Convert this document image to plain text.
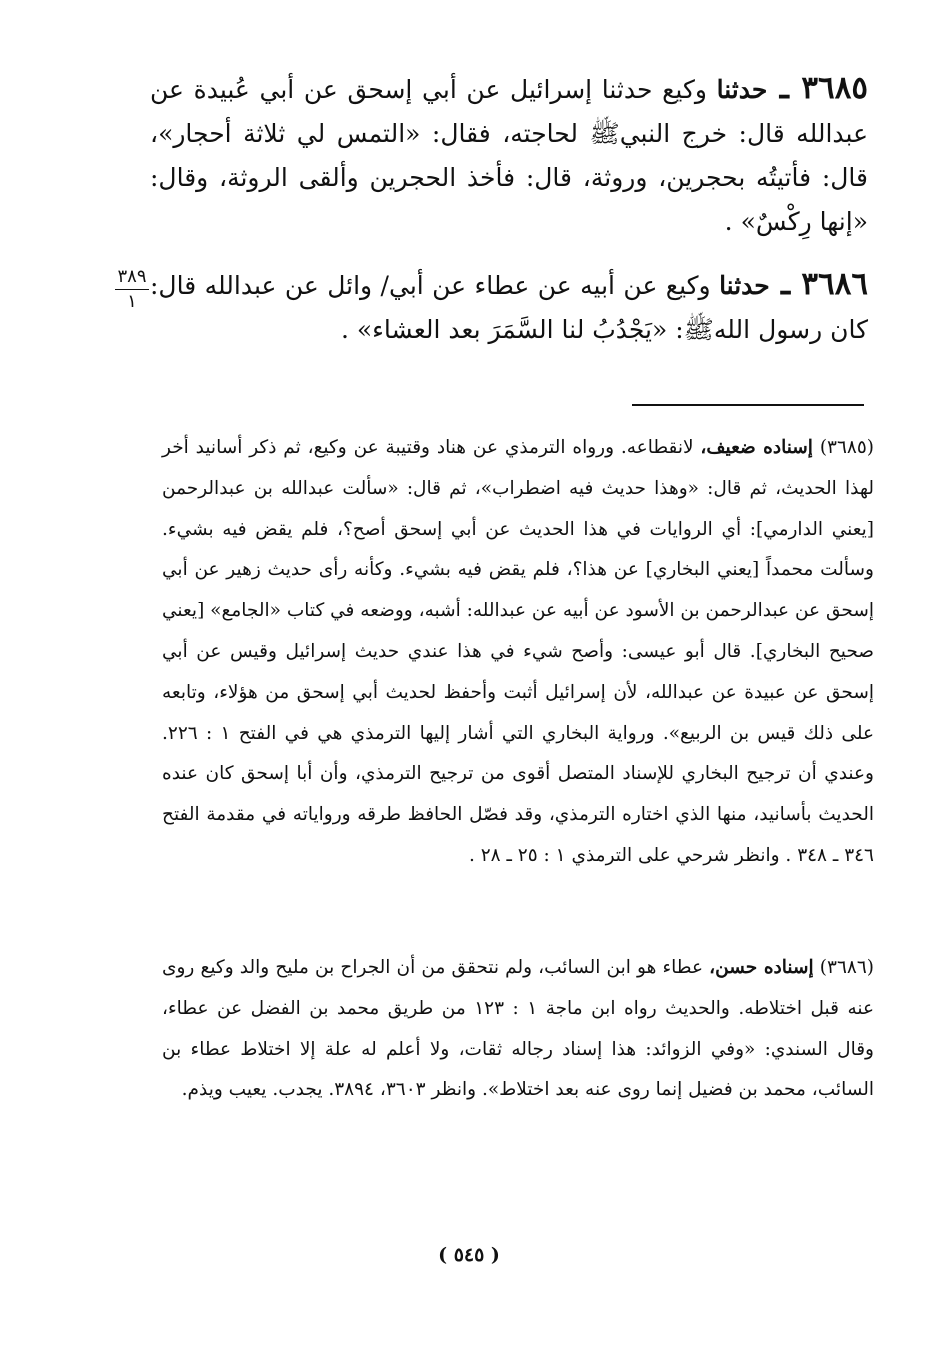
٣٦٨٥ ـ حدثنا وكيع حدثنا إسرائيل عن أبي إسحق عن أبي عُبيدة عن عبدالله قال: خرج النبيﷺ لحاجته، فقال: «التمس لي ثلاثة أحجار»، قال: فأتيتُه بحجرين، وروثة، قال: فأخذ الحجرين وألقى الروثة، وقال: «إنها رِكْسٌ» .

٣٨٩
١	٣٦٨٦ ـ حدثنا وكيع عن أبيه عن عطاء عن أبي/ وائل عن عبدالله قال: كان رسول اللهﷺ: «يَجْدُبُ لنا السَّمَرَ بعد العشاء» .

(٣٦٨٥) إسناده ضعيف، لانقطاعه. ورواه الترمذي عن هناد وقتيبة عن وكيع، ثم ذكر أسانيد أخر لهذا الحديث، ثم قال: «وهذا حديث فيه اضطراب»، ثم قال: «سألت عبدالله بن عبدالرحمن [يعني الدارمي]: أي الروايات في هذا الحديث عن أبي إسحق أصح؟، فلم يقض فيه بشيء. وسألت محمداً [يعني البخاري] عن هذا؟، فلم يقض فيه بشيء. وكأنه رأى حديث زهير عن أبي إسحق عن عبدالرحمن بن الأسود عن أبيه عن عبدالله: أشبه، ووضعه في كتاب «الجامع» [يعني صحيح البخاري]. قال أبو عيسى: وأصح شيء في هذا عندي حديث إسرائيل وقيس عن أبي إسحق عن عبيدة عن عبدالله، لأن إسرائيل أثبت وأحفظ لحديث أبي إسحق من هؤلاء، وتابعه على ذلك قيس بن الربيع». ورواية البخاري التي أشار إليها الترمذي هي في الفتح ١ : ٢٢٦. وعندي أن ترجيح البخاري للإسناد المتصل أقوى من ترجيح الترمذي، وأن أبا إسحق كان عنده الحديث بأسانيد، منها الذي اختاره الترمذي، وقد فصّل الحافظ طرقه ورواياته في مقدمة الفتح ٣٤٦ ـ ٣٤٨ . وانظر شرحي على الترمذي ١ : ٢٥ ـ ٢٨ .

(٣٦٨٦) إسناده حسن، عطاء هو ابن السائب، ولم نتحقق من أن الجراح بن مليح والد وكيع روى عنه قبل اختلاطه. والحديث رواه ابن ماجة ١ : ١٢٣ من طريق محمد بن الفضل عن عطاء، وقال السندي: «وفي الزوائد: هذا إسناد رجاله ثقات، ولا أعلم له علة إلا اختلاط عطاء بن السائب، محمد بن فضيل إنما روى عنه بعد اختلاط». وانظر ٣٦٠٣، ٣٨٩٤. يجدب. يعيب ويذم.

( ٥٤٥ )
